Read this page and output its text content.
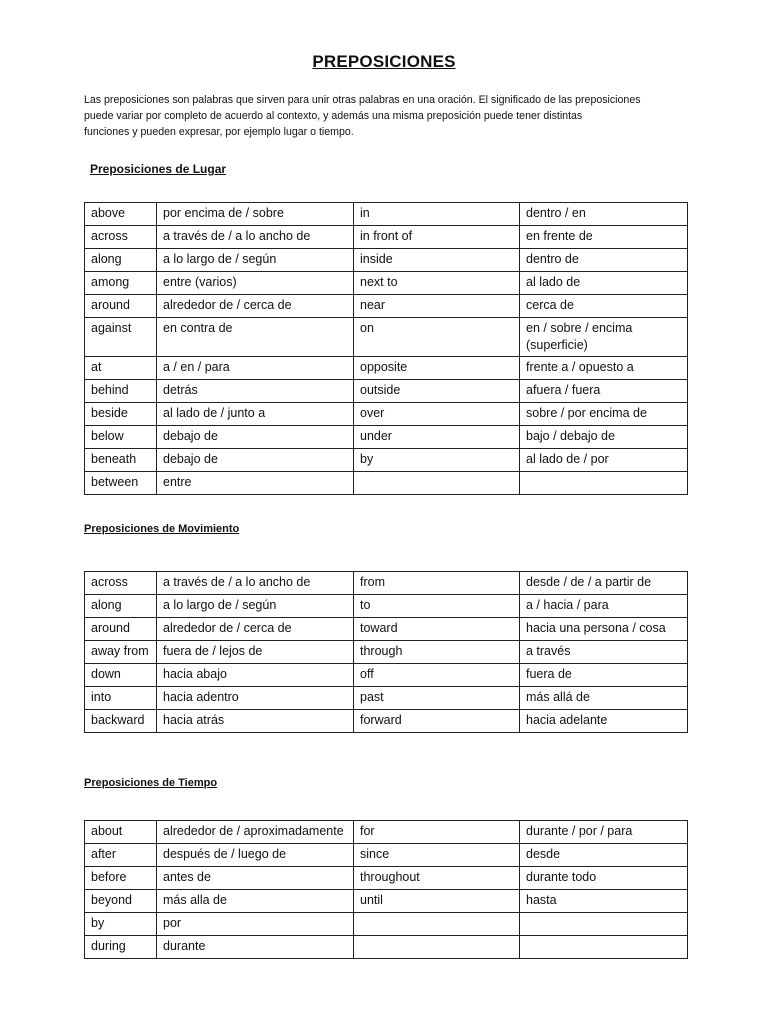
PREPOSICIONES
Las preposiciones son palabras que sirven para unir otras palabras en una oración. El significado de las preposiciones
puede variar por completo de acuerdo al contexto, y además una misma preposición puede tener distintas
funciones y pueden expresar, por ejemplo lugar o tiempo.
Preposiciones de Lugar
above	por encima de / sobre	in	dentro / en
across	a través de / a lo ancho de	in front of	en frente de
along	a lo largo de / según	inside	dentro de
among	entre (varios)	next to	al lado de
around	alrededor de / cerca de	near	cerca de
against	en contra de	on	en / sobre / encima (superficie)
at	a / en / para	opposite	frente a / opuesto a
behind	detrás	outside	afuera / fuera
beside	al lado de / junto a	over	sobre / por encima de
below	debajo de	under	bajo / debajo de
beneath	debajo de	by	al lado de / por
between	entre		
Preposiciones de Movimiento
across	a través de / a lo ancho de	from	desde / de / a partir de
along	a lo largo de / según	to	a / hacia / para
around	alrededor de / cerca de	toward	hacia una persona / cosa
away from	fuera de / lejos de	through	a través
down	hacia abajo	off	fuera de
into	hacia adentro	past	más allá de
backward	hacia atrás	forward	hacia adelante
Preposiciones de Tiempo
about	alrededor de / aproximadamente	for	durante / por / para
after	después de / luego de	since	desde
before	antes de	throughout	durante todo
beyond	más alla de	until	hasta
by	por		
during	durante		
